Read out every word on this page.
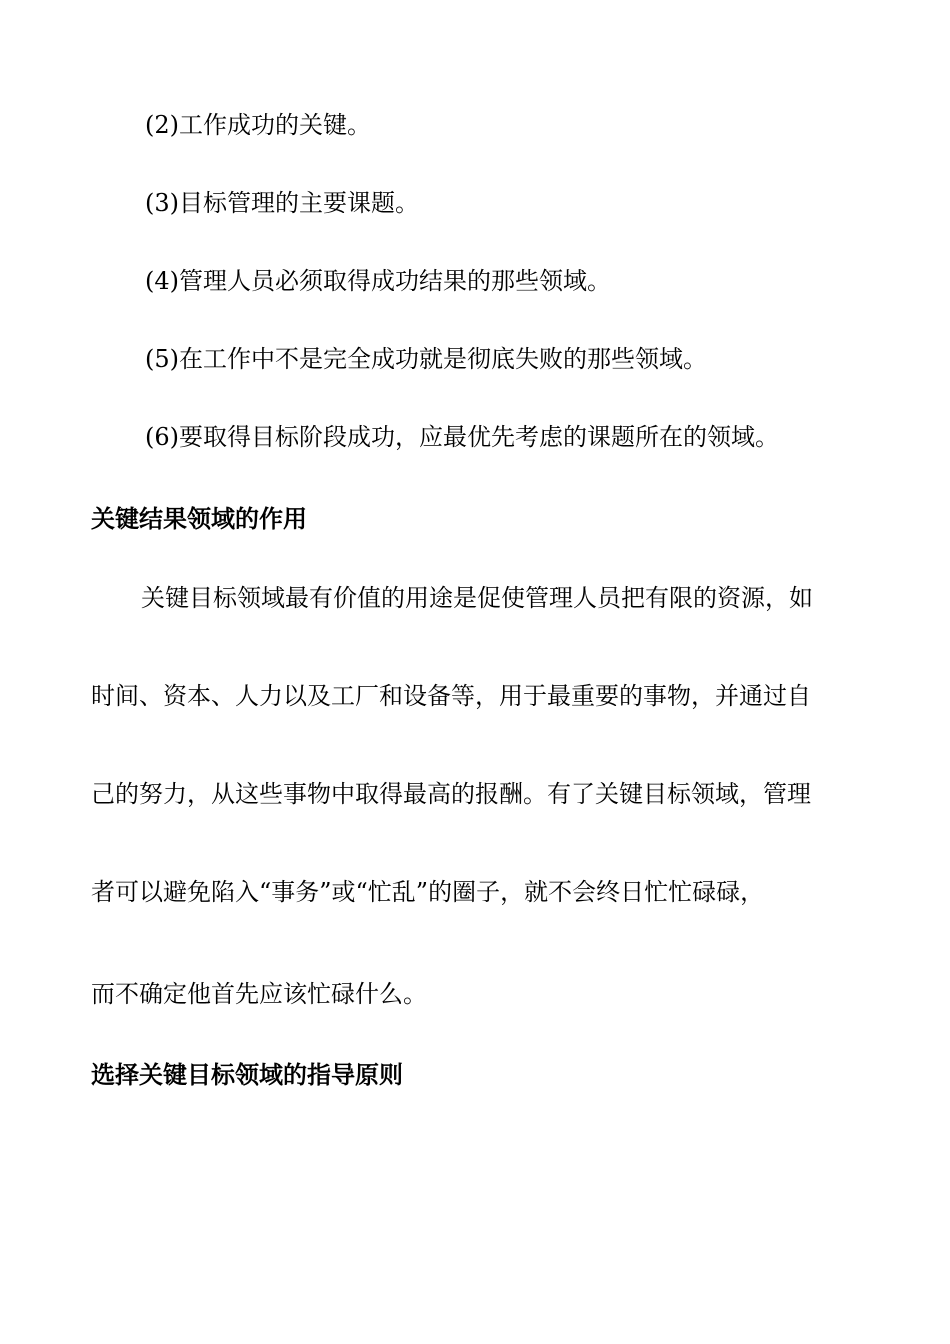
(2)工作成功的关键。
(3)目标管理的主要课题。
(4)管理人员必须取得成功结果的那些领域。
(5)在工作中不是完全成功就是彻底失败的那些领域。
(6)要取得目标阶段成功，应最优先考虑的课题所在的领域。
关键结果领域的作用
关键目标领域最有价值的用途是促使管理人员把有限的资源，如
时间、资本、人力以及工厂和设备等，用于最重要的事物，并通过自
己的努力，从这些事物中取得最高的报酬。有了关键目标领域，管理
者可以避免陷入“事务”或“忙乱”的圈子，就不会终日忙忙碌碌，
而不确定他首先应该忙碌什么。
选择关键目标领域的指导原则
